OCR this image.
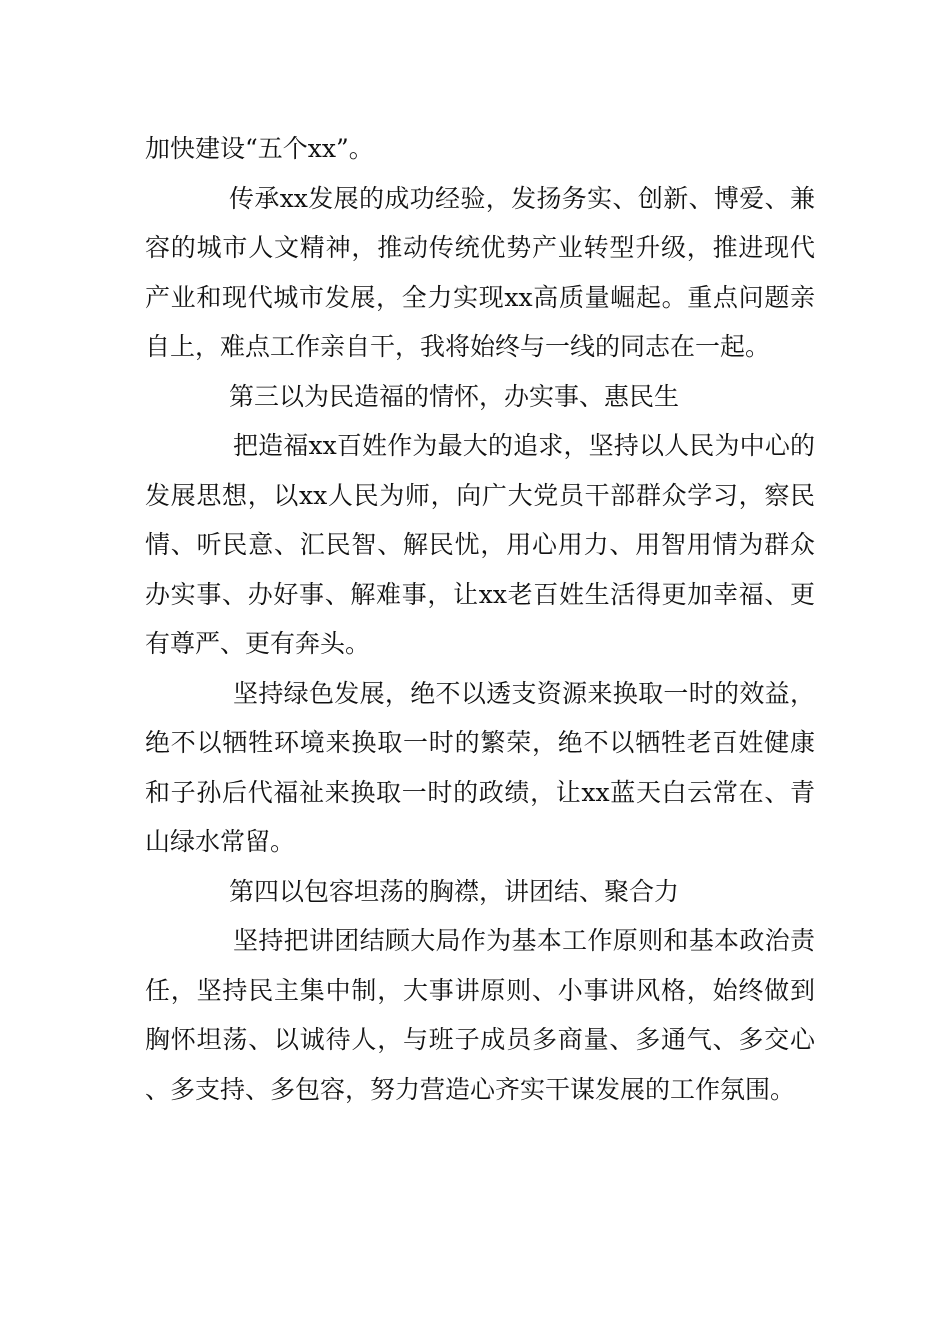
加快建设“五个xx”。

传承xx发展的成功经验，发扬务实、创新、博爱、兼容的城市人文精神，推动传统优势产业转型升级，推进现代产业和现代城市发展，全力实现xx高质量崛起。重点问题亲自上，难点工作亲自干，我将始终与一线的同志在一起。

第三以为民造福的情怀，办实事、惠民生

把造福xx百姓作为最大的追求，坚持以人民为中心的发展思想，以xx人民为师，向广大党员干部群众学习，察民情、听民意、汇民智、解民忧，用心用力、用智用情为群众办实事、办好事、解难事，让xx老百姓生活得更加幸福、更有尊严、更有奔头。

坚持绿色发展，绝不以透支资源来换取一时的效益，绝不以牺牲环境来换取一时的繁荣，绝不以牺牲老百姓健康和子孙后代福祉来换取一时的政绩，让xx蓝天白云常在、青山绿水常留。

第四以包容坦荡的胸襟，讲团结、聚合力

坚持把讲团结顾大局作为基本工作原则和基本政治责任，坚持民主集中制，大事讲原则、小事讲风格，始终做到胸怀坦荡、以诚待人，与班子成员多商量、多通气、多交心、多支持、多包容，努力营造心齐实干谋发展的工作氛围。
